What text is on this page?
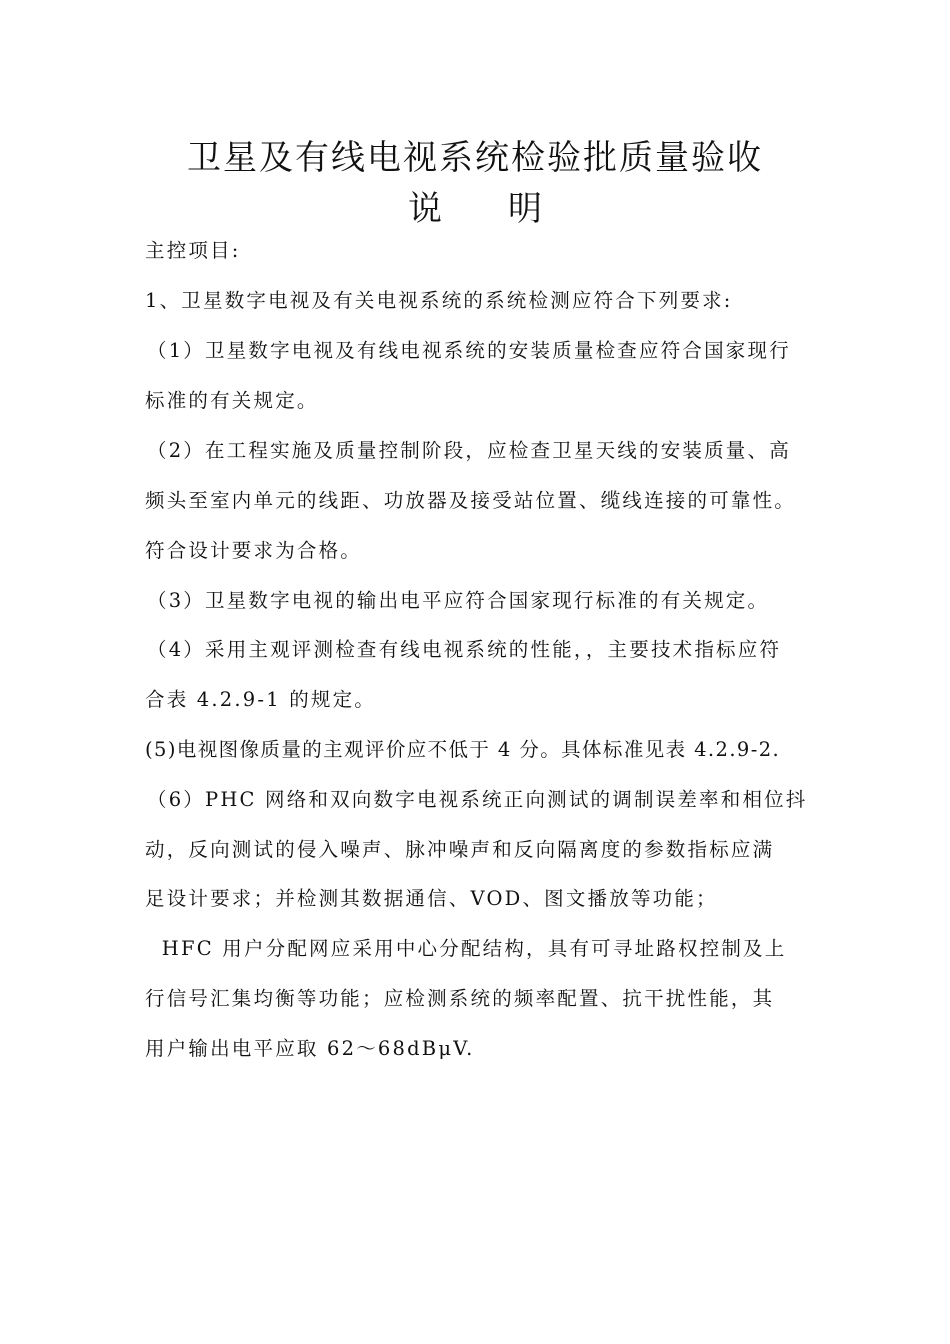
卫星及有线电视系统检验批质量验收
说 明
主控项目:
1、卫星数字电视及有关电视系统的系统检测应符合下列要求:
（1）卫星数字电视及有线电视系统的安装质量检查应符合国家现行
标准的有关规定。
（2）在工程实施及质量控制阶段，应检查卫星天线的安装质量、高
频头至室内单元的线距、功放器及接受站位置、缆线连接的可靠性。
符合设计要求为合格。
（3）卫星数字电视的输出电平应符合国家现行标准的有关规定。
（4）采用主观评测检查有线电视系统的性能，，主要技术指标应符
合表 4.2.9-1 的规定。
(5)电视图像质量的主观评价应不低于 4 分。具体标准见表 4.2.9-2.
（6）PHC 网络和双向数字电视系统正向测试的调制误差率和相位抖
动，反向测试的侵入噪声、脉冲噪声和反向隔离度的参数指标应满
足设计要求；并检测其数据通信、VOD、图文播放等功能；
HFC 用户分配网应采用中心分配结构，具有可寻址路权控制及上
行信号汇集均衡等功能；应检测系统的频率配置、抗干扰性能，其
用户输出电平应取 62～68dBμV.
